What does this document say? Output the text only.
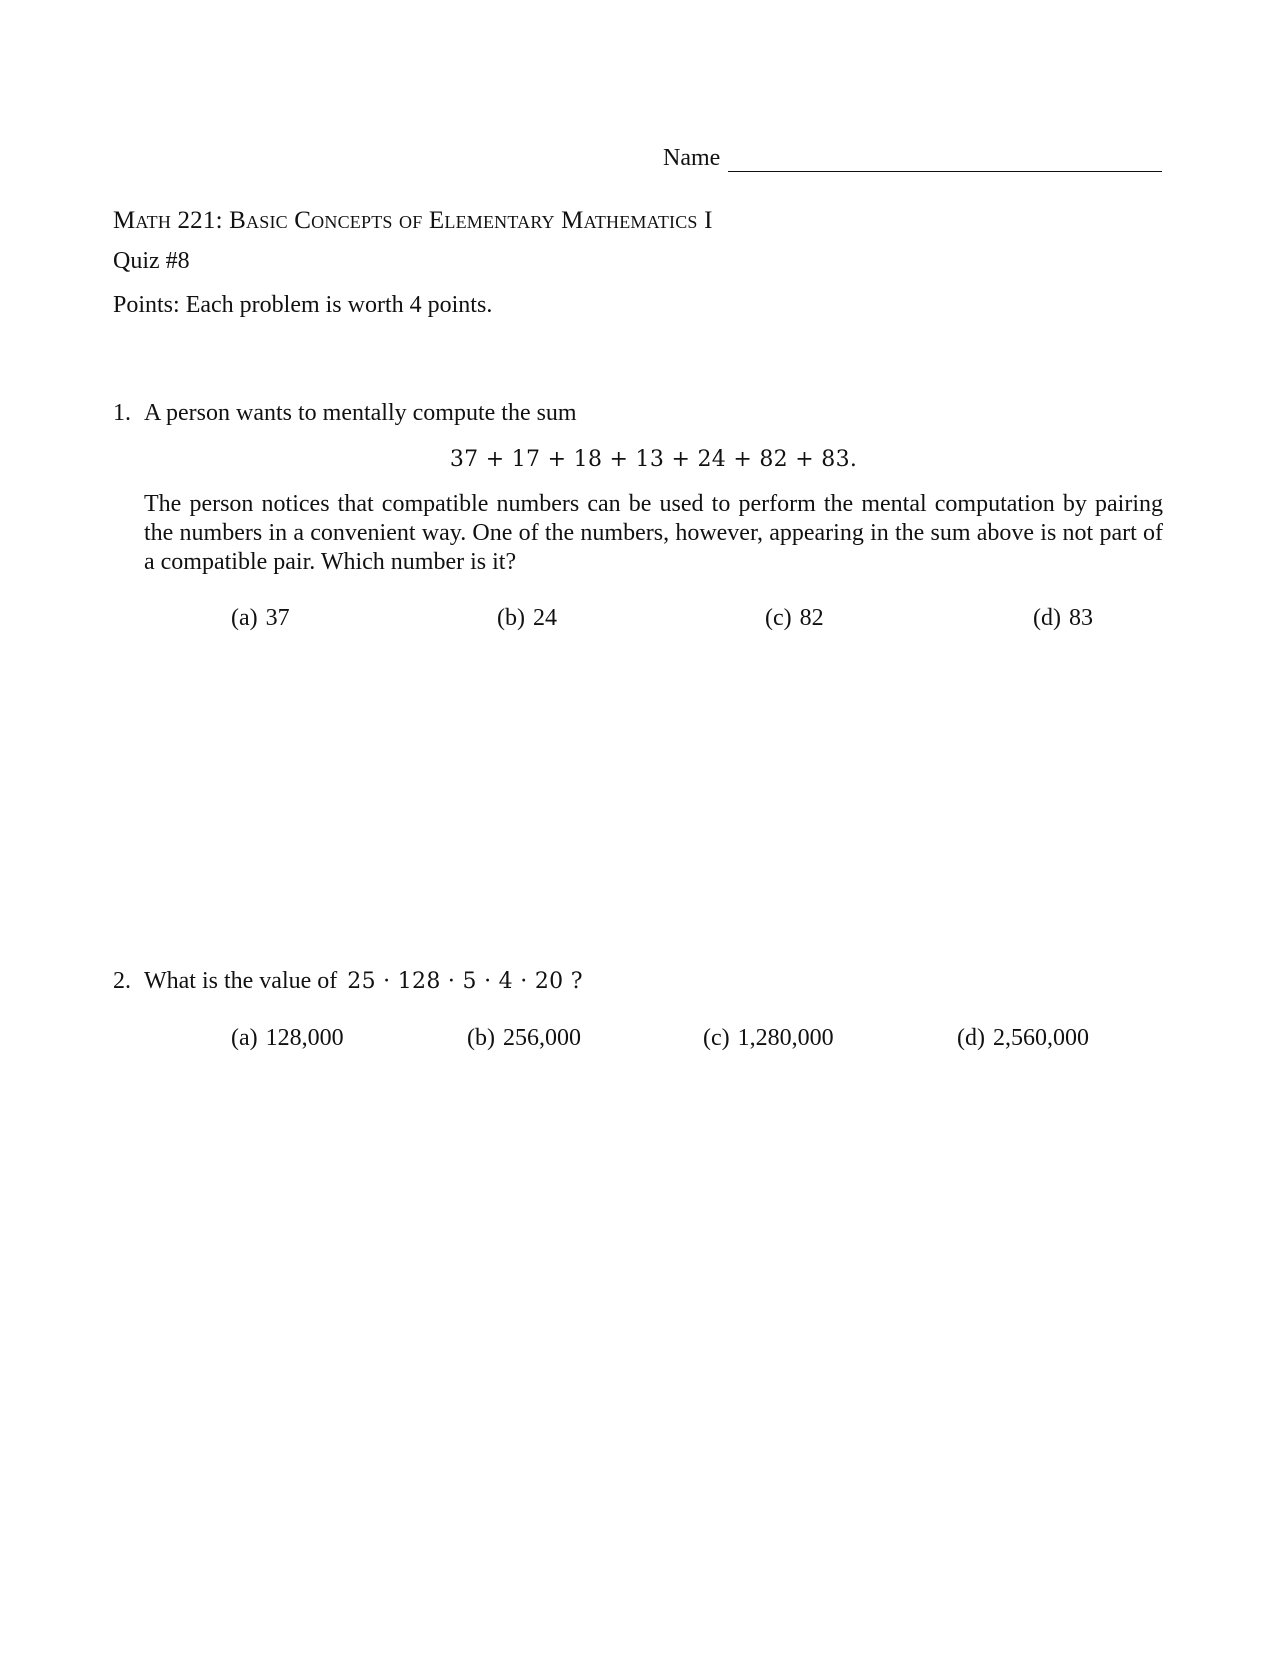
Name
Math 221: Basic Concepts of Elementary Mathematics I
Quiz #8
Points: Each problem is worth 4 points.
1. A person wants to mentally compute the sum
37 + 17 + 18 + 13 + 24 + 82 + 83.

The person notices that compatible numbers can be used to perform the mental computation by pairing the numbers in a convenient way. One of the numbers, however, appearing in the sum above is not part of a compatible pair. Which number is it?

(a) 37	(b) 24	(c) 82	(d) 83
2. What is the value of 25 · 128 · 5 · 4 · 20 ?
(a) 128,000	(b) 256,000	(c) 1,280,000	(d) 2,560,000
